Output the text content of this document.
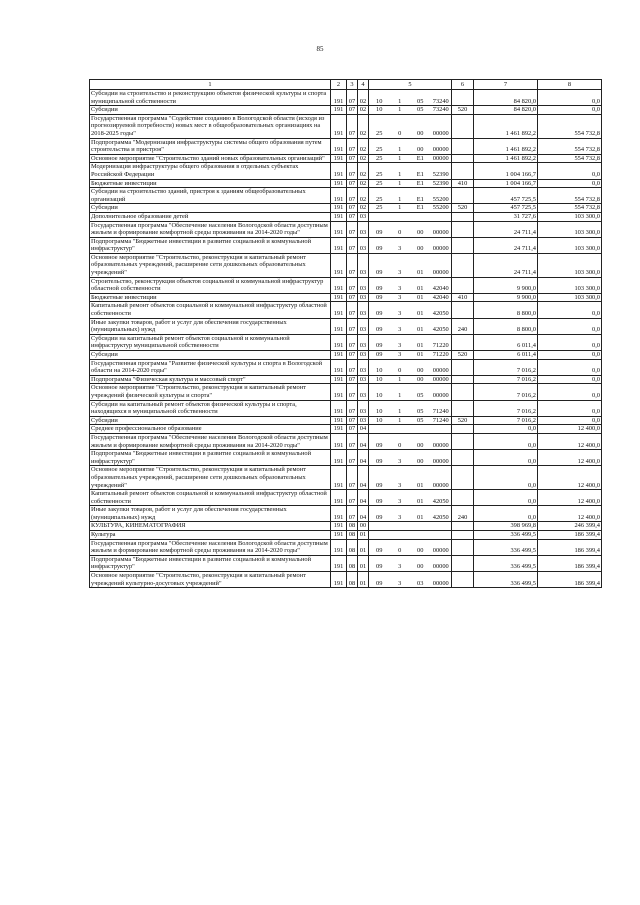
85
1	2	3	4	5	6	7	8
Субсидии на строительство и реконструкцию объектов физической культуры и спорта муниципальной собственности	191	07	02	10 1 05 73240		84 820,0	0,0
Субсидии	191	07	02	10 1 05 73240	520	84 820,0	0,0
Государственная программа "Содействие созданию в Вологодской области (исходя из прогнозируемой потребности) новых мест в общеобразовательных организациях на 2018-2025 годы"	191	07	02	25 0 00 00000		1 461 892,2	554 732,8
Подпрограмма "Модернизация инфраструктуры системы общего образования путем строительства и пристроя"	191	07	02	25 1 00 00000		1 461 892,2	554 732,8
Основное мероприятие "Строительство зданий новых образовательных организаций"	191	07	02	25 1 E1 00000		1 461 892,2	554 732,8
Модернизация инфраструктуры общего образования в отдельных субъектах Российской Федерации	191	07	02	25 1 E1 52390		1 004 166,7	0,0
Бюджетные инвестиции	191	07	02	25 1 E1 52390	410	1 004 166,7	0,0
Субсидии на строительство зданий, пристроя к зданиям общеобразовательных организаций	191	07	02	25 1 E1 55200		457 725,5	554 732,8
Субсидии	191	07	02	25 1 E1 55200	520	457 725,5	554 732,8
Дополнительное образование детей	191	07	03			31 727,6	103 300,0
Государственная программа "Обеспечение населения Вологодской области доступным жильем и формирование комфортной среды проживания на 2014-2020 годы"	191	07	03	09 0 00 00000		24 711,4	103 300,0
Подпрограмма "Бюджетные инвестиции в развитие социальной и коммунальной инфраструктур"	191	07	03	09 3 00 00000		24 711,4	103 300,0
Основное мероприятие "Строительство, реконструкция и капитальный ремонт образовательных учреждений, расширение сети дошкольных образовательных учреждений"	191	07	03	09 3 01 00000		24 711,4	103 300,0
Строительство, реконструкция объектов социальной и коммунальной инфраструктур областной собственности	191	07	03	09 3 01 42040		9 900,0	103 300,0
Бюджетные инвестиции	191	07	03	09 3 01 42040	410	9 900,0	103 300,0
Капитальный ремонт объектов социальной и коммунальной инфраструктур областной собственности	191	07	03	09 3 01 42050		8 800,0	0,0
Иные закупки товаров, работ и услуг для обеспечения государственных (муниципальных) нужд	191	07	03	09 3 01 42050	240	8 800,0	0,0
Субсидии на капитальный ремонт объектов социальной и коммунальной инфраструктур муниципальной собственности	191	07	03	09 3 01 71220		6 011,4	0,0
Субсидии	191	07	03	09 3 01 71220	520	6 011,4	0,0
Государственная программа "Развитие физической культуры и спорта в Вологодской области на 2014-2020 годы"	191	07	03	10 0 00 00000		7 016,2	0,0
Подпрограмма "Физическая культура и массовый спорт"	191	07	03	10 1 00 00000		7 016,2	0,0
Основное мероприятие "Строительство, реконструкция и капитальный ремонт учреждений физической культуры и спорта"	191	07	03	10 1 05 00000		7 016,2	0,0
Субсидии на капитальный ремонт объектов физической культуры и спорта, находящихся в муниципальной собственности	191	07	03	10 1 05 71240		7 016,2	0,0
Субсидии	191	07	03	10 1 05 71240	520	7 016,2	0,0
Среднее профессиональное образование	191	07	04			0,0	12 400,0
Государственная программа "Обеспечение населения Вологодской области доступным жильем и формирование комфортной среды проживания на 2014-2020 годы"	191	07	04	09 0 00 00000		0,0	12 400,0
Подпрограмма "Бюджетные инвестиции в развитие социальной и коммунальной инфраструктур"	191	07	04	09 3 00 00000		0,0	12 400,0
Основное мероприятие "Строительство, реконструкция и капитальный ремонт образовательных учреждений, расширение сети дошкольных образовательных учреждений"	191	07	04	09 3 01 00000		0,0	12 400,0
Капитальный ремонт объектов социальной и коммунальной инфраструктур областной собственности	191	07	04	09 3 01 42050		0,0	12 400,0
Иные закупки товаров, работ и услуг для обеспечения государственных (муниципальных) нужд	191	07	04	09 3 01 42050	240	0,0	12 400,0
КУЛЬТУРА, КИНЕМАТОГРАФИЯ	191	08	00			398 969,8	246 399,4
Культура	191	08	01			336 499,5	186 399,4
Государственная программа "Обеспечение населения Вологодской области доступным жильем и формирование комфортной среды проживания на 2014-2020 годы"	191	08	01	09 0 00 00000		336 499,5	186 399,4
Подпрограмма "Бюджетные инвестиции в развитие социальной и коммунальной инфраструктур"	191	08	01	09 3 00 00000		336 499,5	186 399,4
Основное мероприятие "Строительство, реконструкция и капитальный ремонт учреждений культурно-досуговых учреждений"	191	08	01	09 3 03 00000		336 499,5	186 399,4
